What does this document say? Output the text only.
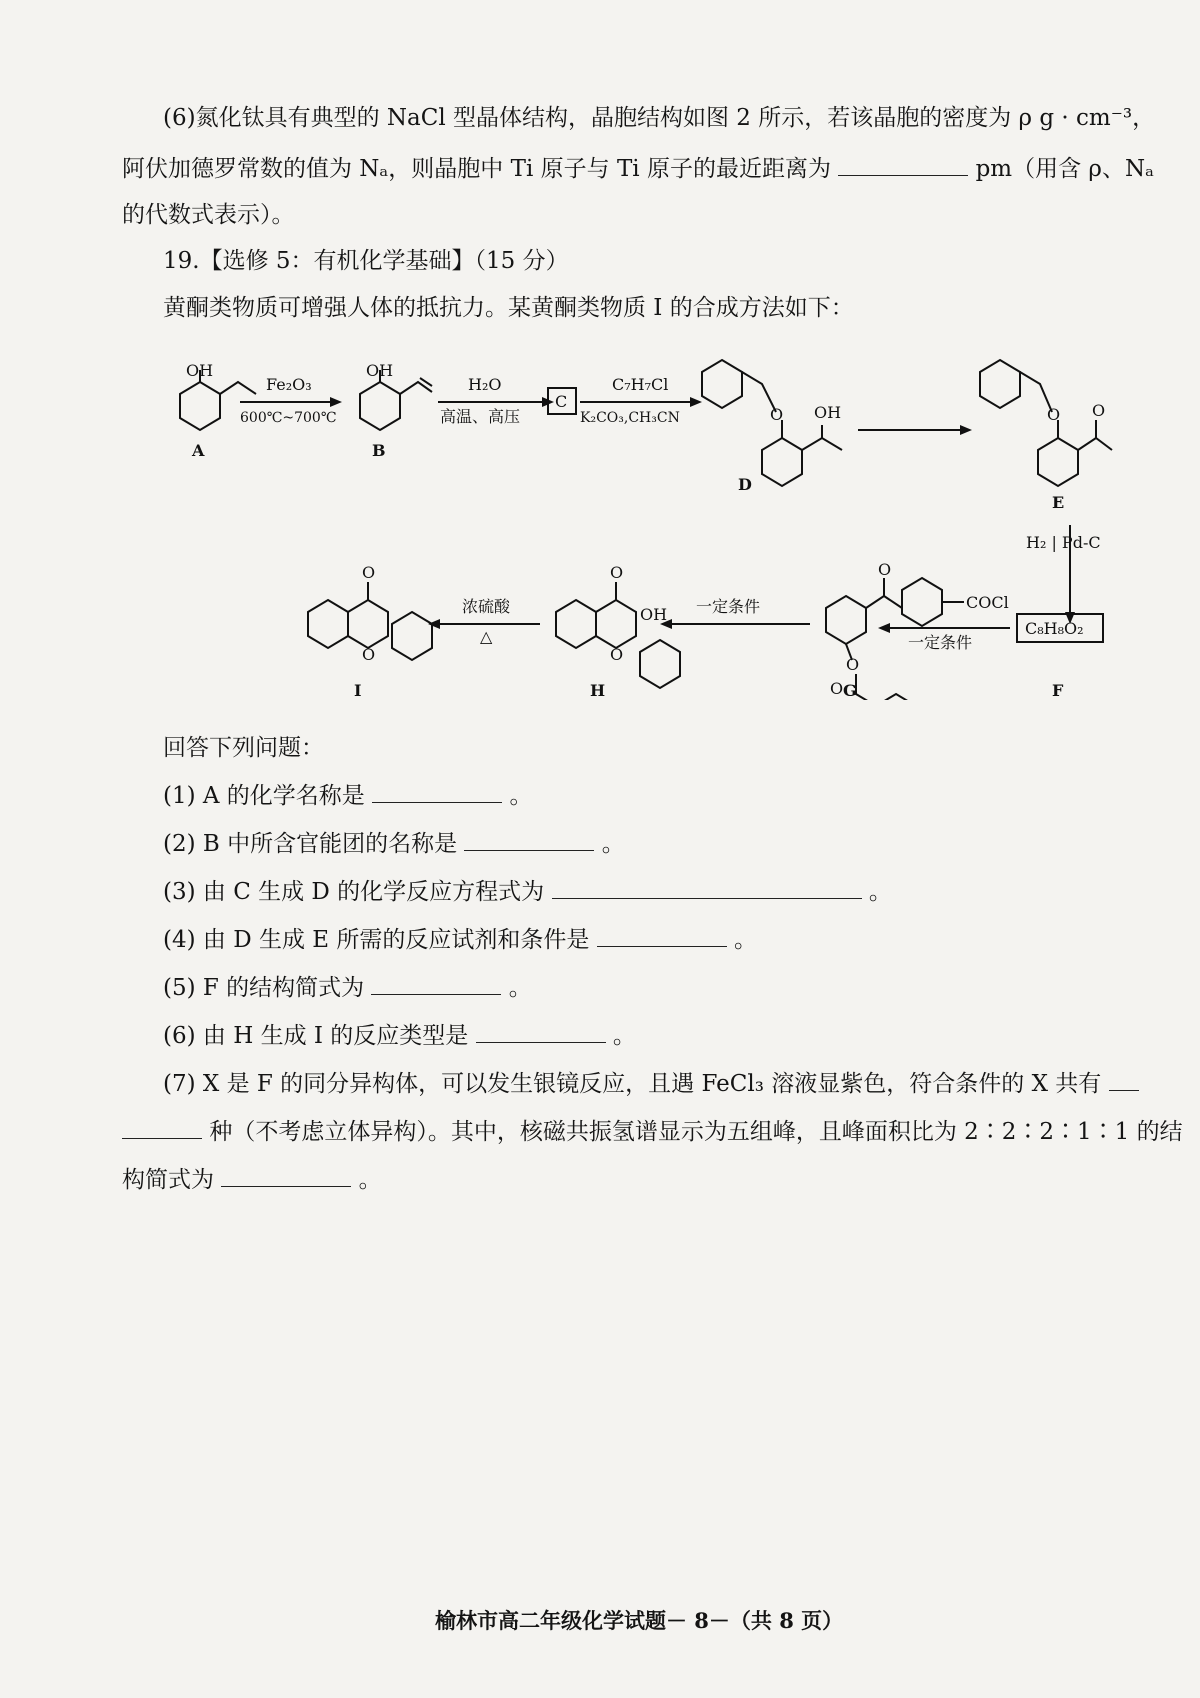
(6)氮化钛具有典型的 NaCl 型晶体结构，晶胞结构如图 2 所示，若该晶胞的密度为 ρ g · cm⁻³，
阿伏加德罗常数的值为 Nₐ，则晶胞中 Ti 原子与 Ti 原子的最近距离为	pm（用含 ρ、Nₐ
的代数式表示）。
19.【选修 5：有机化学基础】（15 分）
黄酮类物质可增强人体的抵抗力。某黄酮类物质 I 的合成方法如下：
OH
A
Fe₂O₃
600℃~700℃
OH
B
H₂O
高温、高压
C
C₇H₇Cl
K₂CO₃,CH₃CN	O OH
D
O O
E
H₂ | Pd-C
C₈H₈O₂
F
COCl
一定条件
O
O
O G
一定条件
O
OH
O
H
浓硫酸
△
O
O
I
回答下列问题：
(1) A 的化学名称是	。
(2) B 中所含官能团的名称是	。
(3) 由 C 生成 D 的化学反应方程式为	。
(4) 由 D 生成 E 所需的反应试剂和条件是	。
(5) F 的结构简式为	。
(6) 由 H 生成 I 的反应类型是	。
(7) X 是 F 的同分异构体，可以发生银镜反应，且遇 FeCl₃ 溶液显紫色，符合条件的 X 共有
种（不考虑立体异构）。其中，核磁共振氢谱显示为五组峰，且峰面积比为 2∶2∶2∶1∶1 的结
构简式为	。
榆林市高二年级化学试题－ 8－（共 8 页）
